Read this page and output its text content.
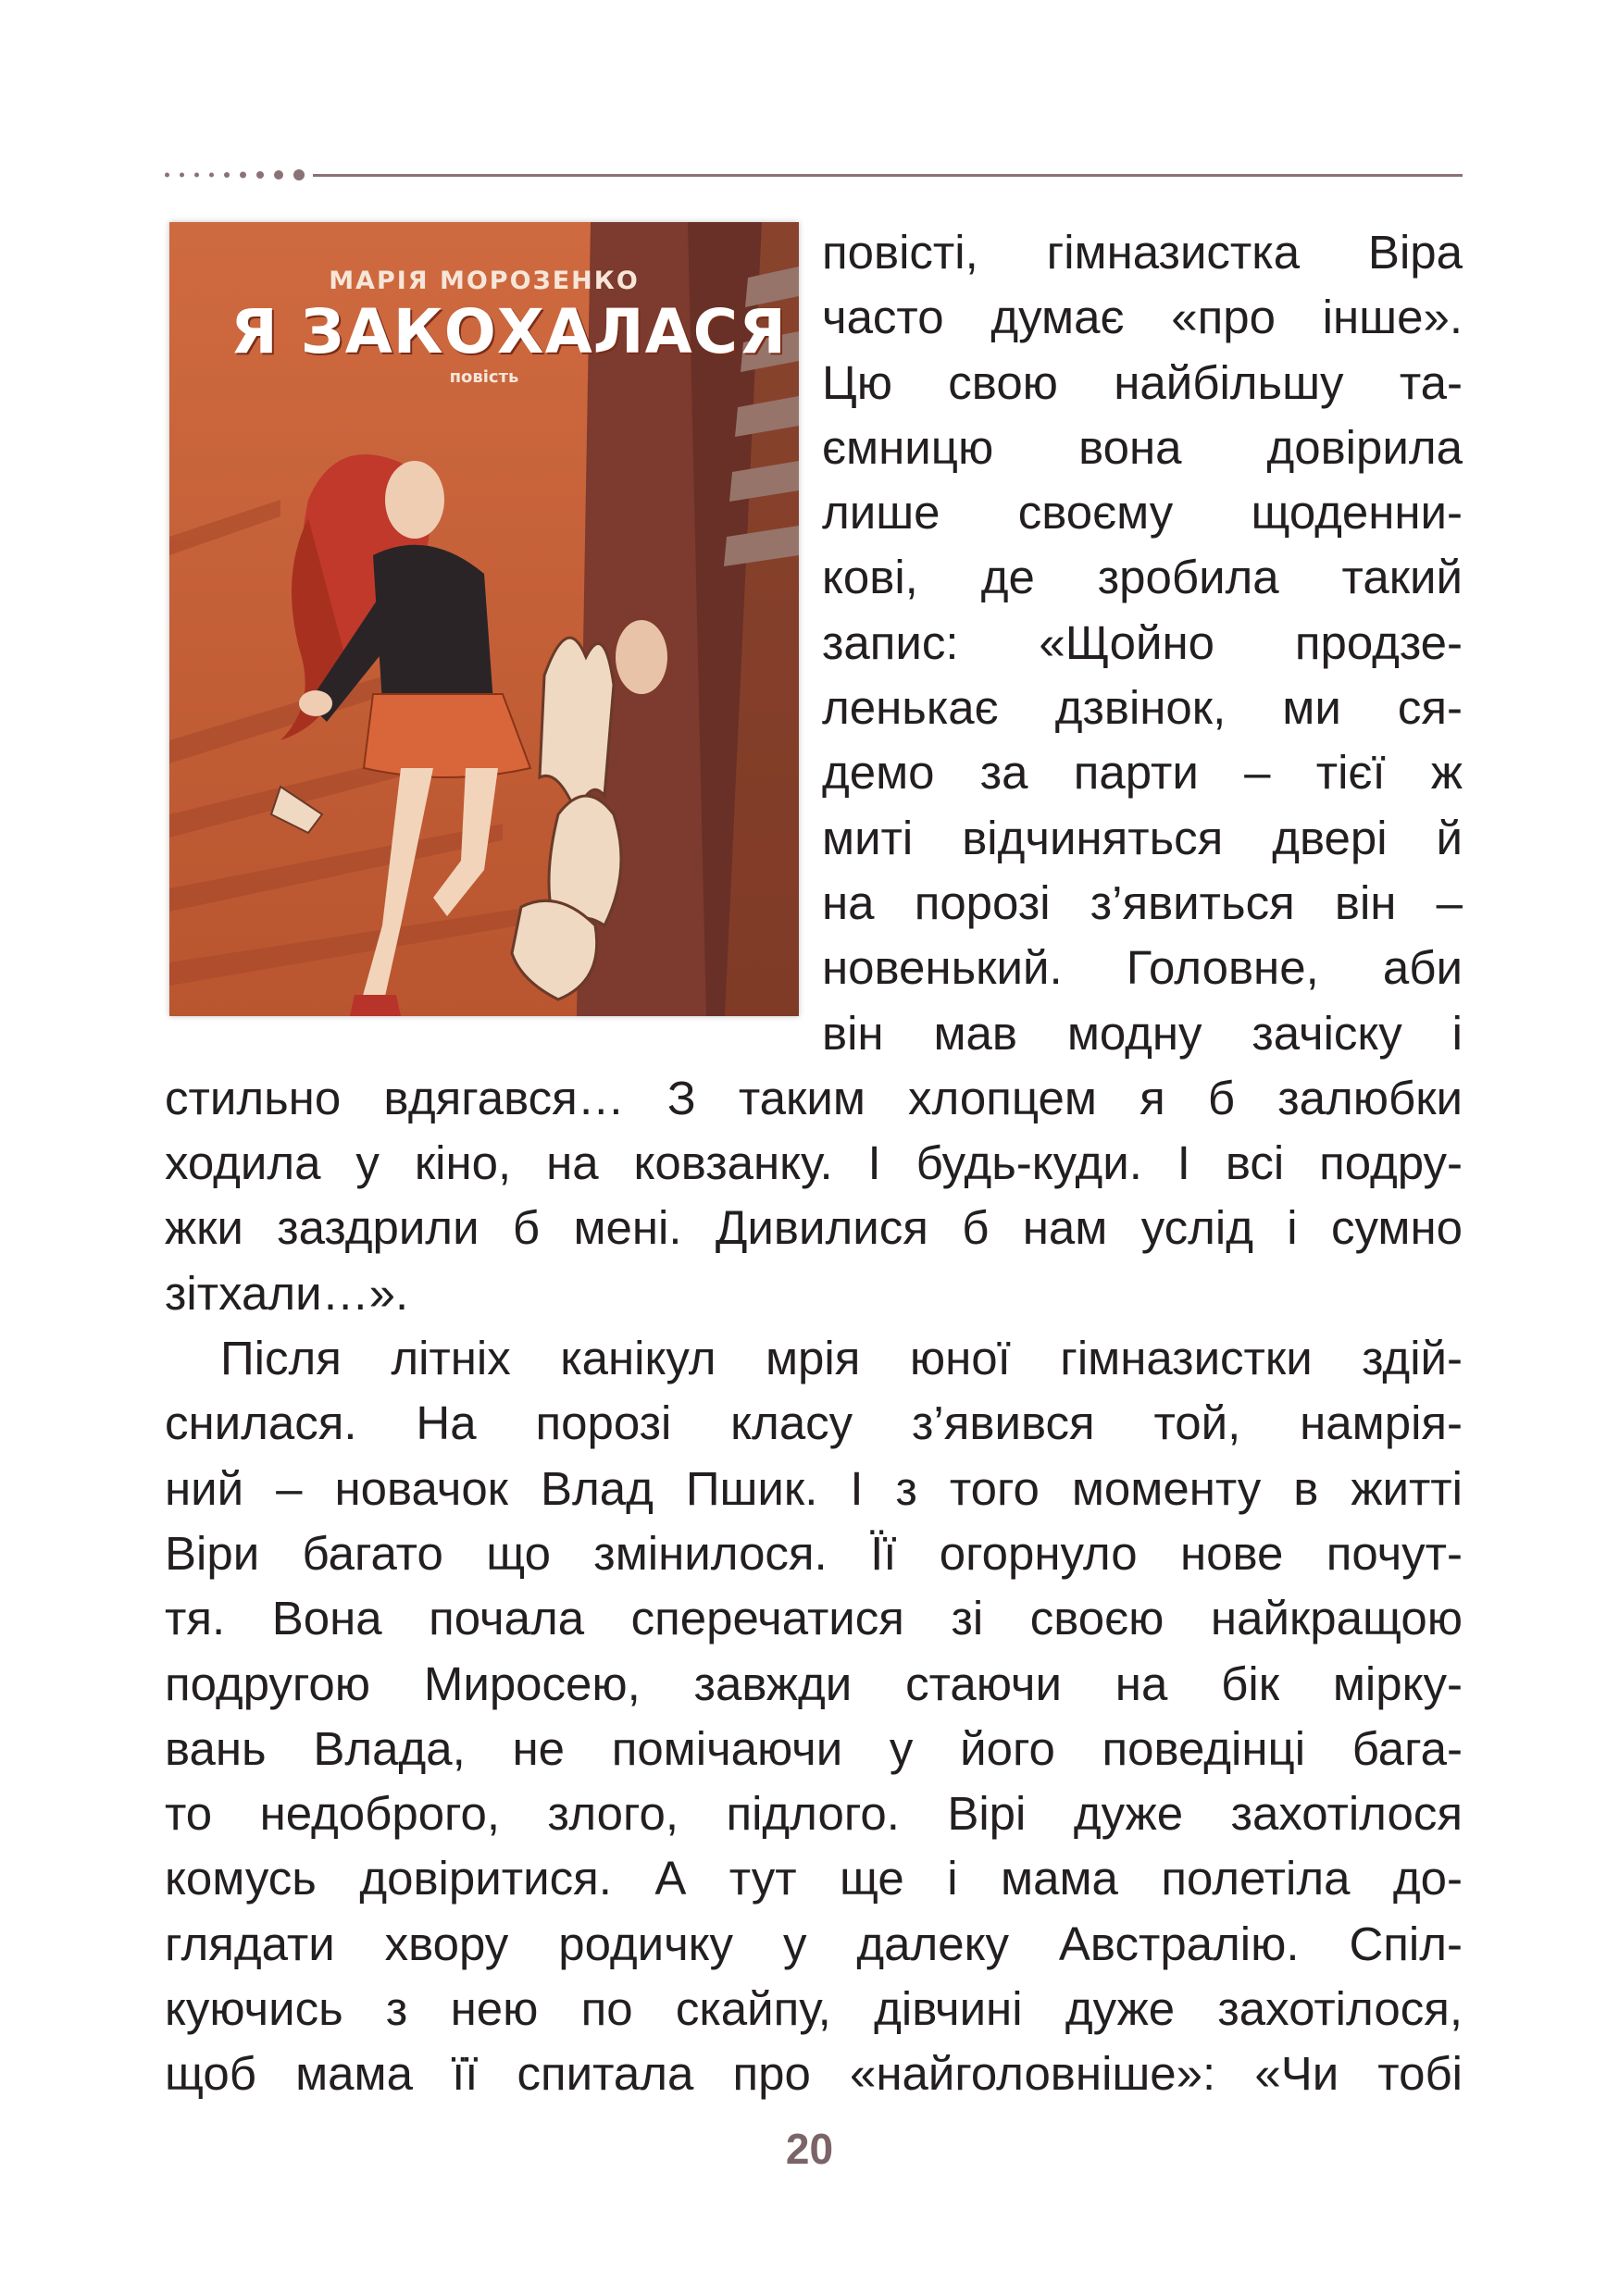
МАРІЯ МОРОЗЕНКО
Я ЗАКОХАЛАСЯ
повість
повісті, гімназистка Віра
часто думає «про інше».
Цю свою найбільшу та-
ємницю вона довірила
лише своєму щоденни-
кові, де зробила такий
запис: «Щойно продзе-
ленькає дзвінок, ми ся-
демо за парти – тієї ж
миті відчиняться двері й
на порозі з’явиться він –
новенький. Головне, аби
він мав модну зачіску і
стильно вдягався… З таким хлопцем я б залюбки
ходила у кіно, на ковзанку. І будь-куди. І всі подру-
жки заздрили б мені. Дивилися б нам услід і сумно
зітхали…».
Після літніх канікул мрія юної гімназистки здій-
снилася. На порозі класу з’явився той, намрія-
ний – новачок Влад Пшик. І з того моменту в житті
Віри багато що змінилося. Її огорнуло нове почут-
тя. Вона почала сперечатися зі своєю найкращою
подругою Миросею, завжди стаючи на бік мірку-
вань Влада, не помічаючи у його поведінці бага-
то недоброго, злого, підлого. Вірі дуже захотілося
комусь довіритися. А тут ще і мама полетіла до-
глядати хвору родичку у далеку Австралію. Спіл-
куючись з нею по скайпу, дівчині дуже захотілося,
щоб мама її спитала про «найголовніше»: «Чи тобі
20
